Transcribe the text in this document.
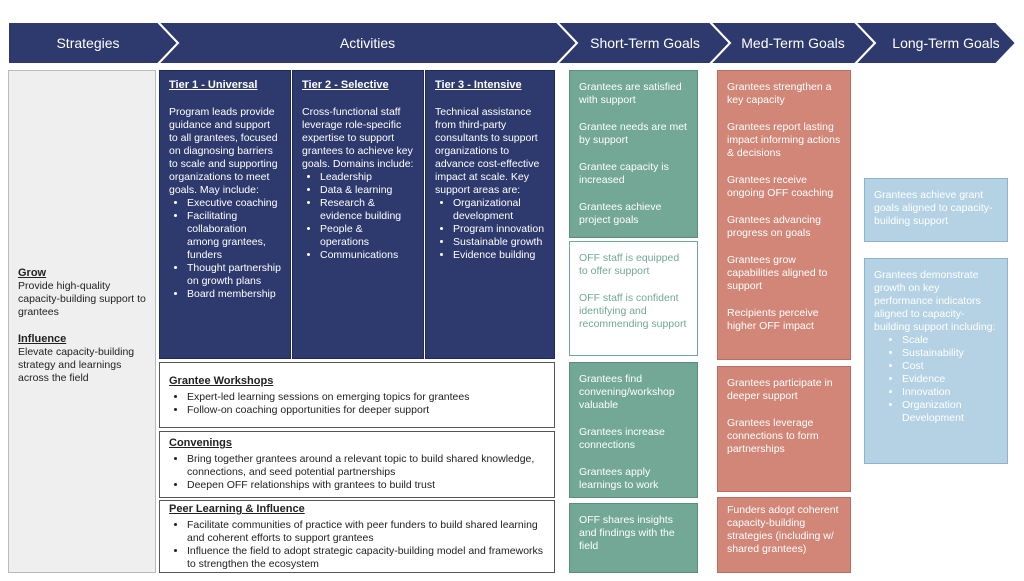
Strategies	Activities	Short-Term Goals	Med-Term Goals	Long-Term Goals
Grow
Provide high-quality capacity-building support to grantees
Influence
Elevate capacity-building strategy and learnings across the field
Tier 1 - Universal
Program leads provide guidance and support to all grantees, focused on diagnosing barriers to scale and supporting organizations to meet goals. May include:
• Executive coaching
• Facilitating collaboration among grantees, funders
• Thought partnership on growth plans
• Board membership
Tier 2 - Selective
Cross-functional staff leverage role-specific expertise to support grantees to achieve key goals. Domains include:
• Leadership
• Data & learning
• Research & evidence building
• People & operations
• Communications
Tier 3 - Intensive
Technical assistance from third-party consultants to support organizations to advance cost-effective impact at scale. Key support areas are:
• Organizational development
• Program innovation
• Sustainable growth
• Evidence building
Grantee Workshops
• Expert-led learning sessions on emerging topics for grantees
• Follow-on coaching opportunities for deeper support
Convenings
• Bring together grantees around a relevant topic to build shared knowledge, connections, and seed potential partnerships
• Deepen OFF relationships with grantees to build trust
Peer Learning & Influence
• Facilitate communities of practice with peer funders to build shared learning and coherent efforts to support grantees
• Influence the field to adopt strategic capacity-building model and frameworks to strengthen the ecosystem
Grantees are satisfied with support
Grantee needs are met by support
Grantee capacity is increased
Grantees achieve project goals
OFF staff is equipped to offer support
OFF staff is confident identifying and recommending support
Grantees find convening/workshop valuable
Grantees increase connections
Grantees apply learnings to work
OFF shares insights and findings with the field
Grantees strengthen a key capacity
Grantees report lasting impact informing actions & decisions
Grantees receive ongoing OFF coaching
Grantees advancing progress on goals
Grantees grow capabilities aligned to support
Recipients perceive higher OFF impact
Grantees participate in deeper support
Grantees leverage connections to form partnerships
Funders adopt coherent capacity-building strategies (including w/ shared grantees)
Grantees achieve grant goals aligned to capacity-building support
Grantees demonstrate growth on key performance indicators aligned to capacity-building support including:
• Scale
• Sustainability
• Cost
• Evidence
• Innovation
• Organization Development
